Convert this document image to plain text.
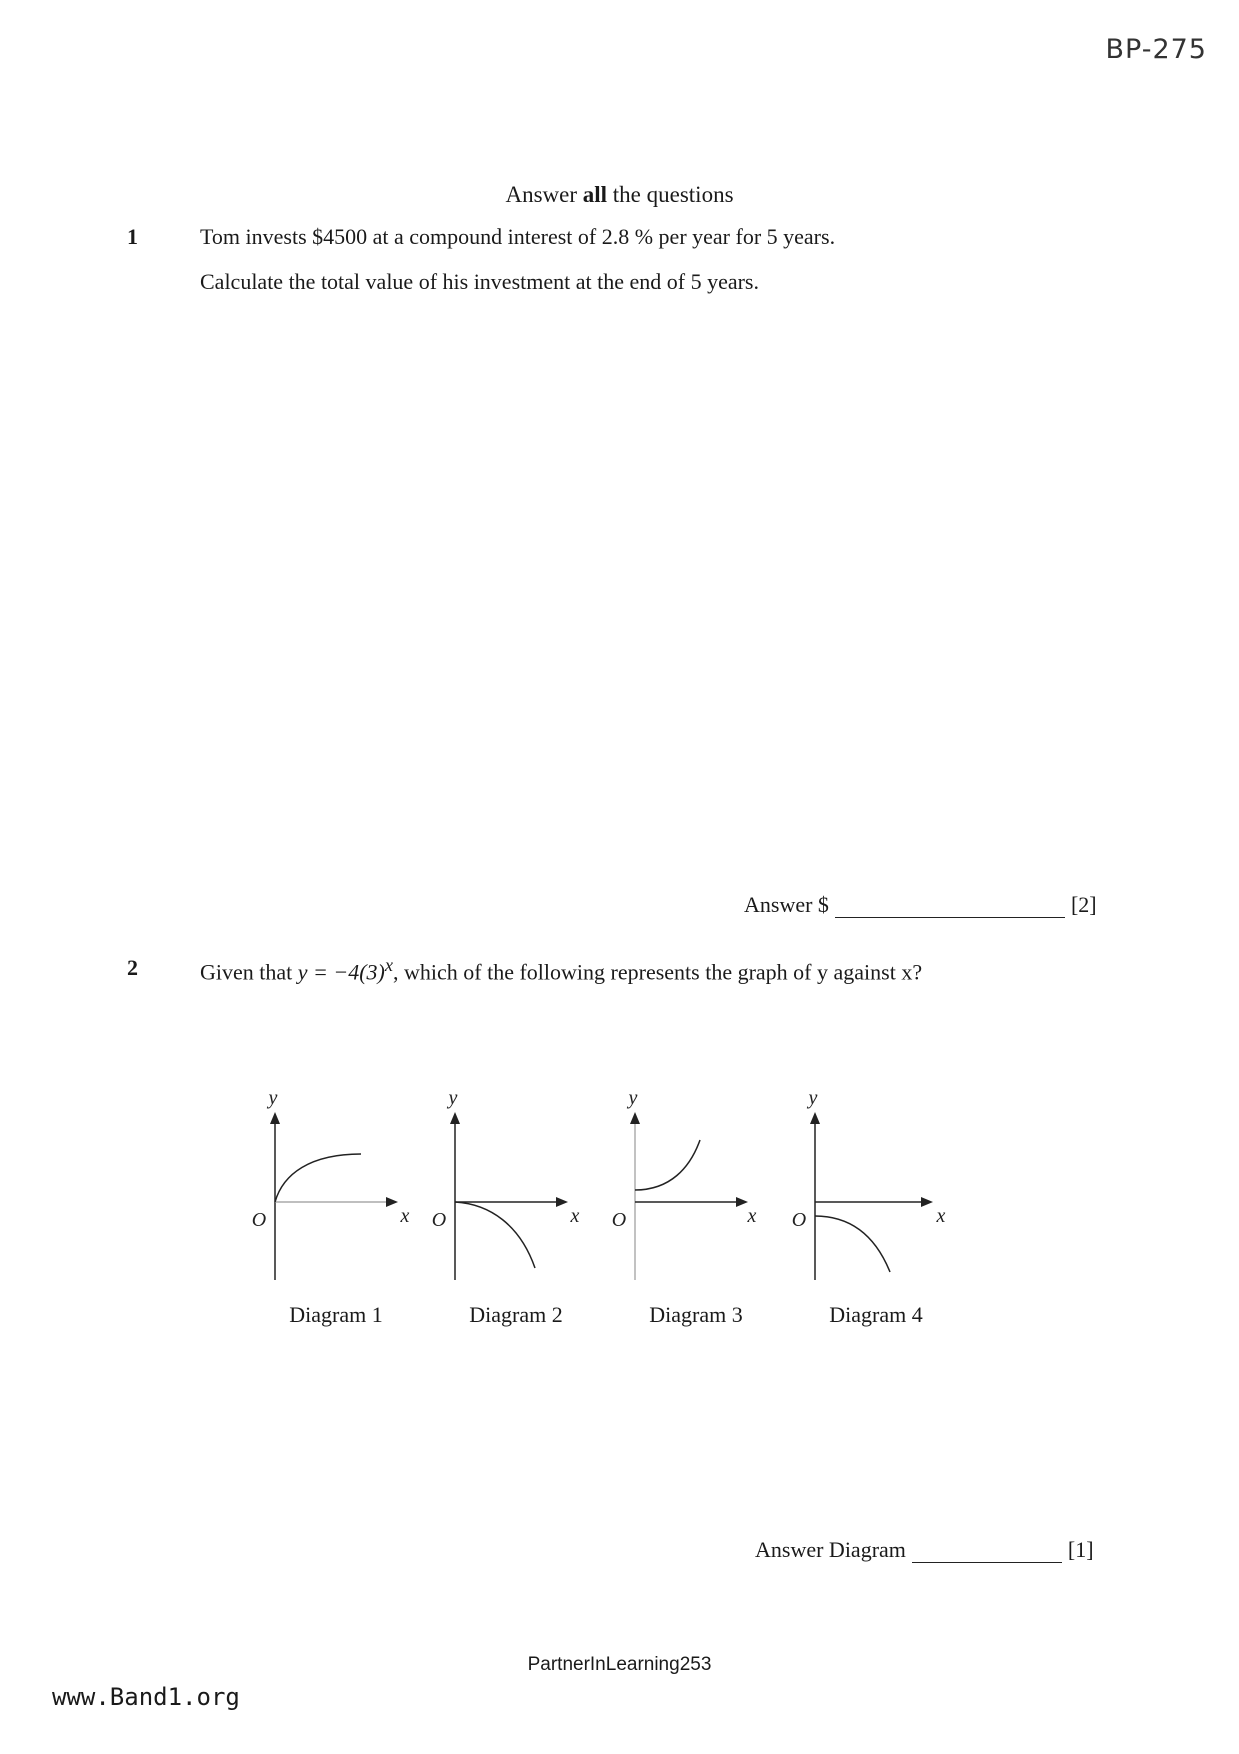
BP-275
Answer all the questions
1	Tom invests $4500 at a compound interest of 2.8 % per year for 5 years.
Calculate the total value of his investment at the end of 5 years.
Answer $	[2]
2	Given that $y = -4(3)^x$, which of the following represents the graph of y against x?
y
O	x
y
O	x
y
O	x
y
O	x
Diagram 1	Diagram 2	Diagram 3	Diagram 4
Answer Diagram	[1]
PartnerInLearning253
www.Band1.org
